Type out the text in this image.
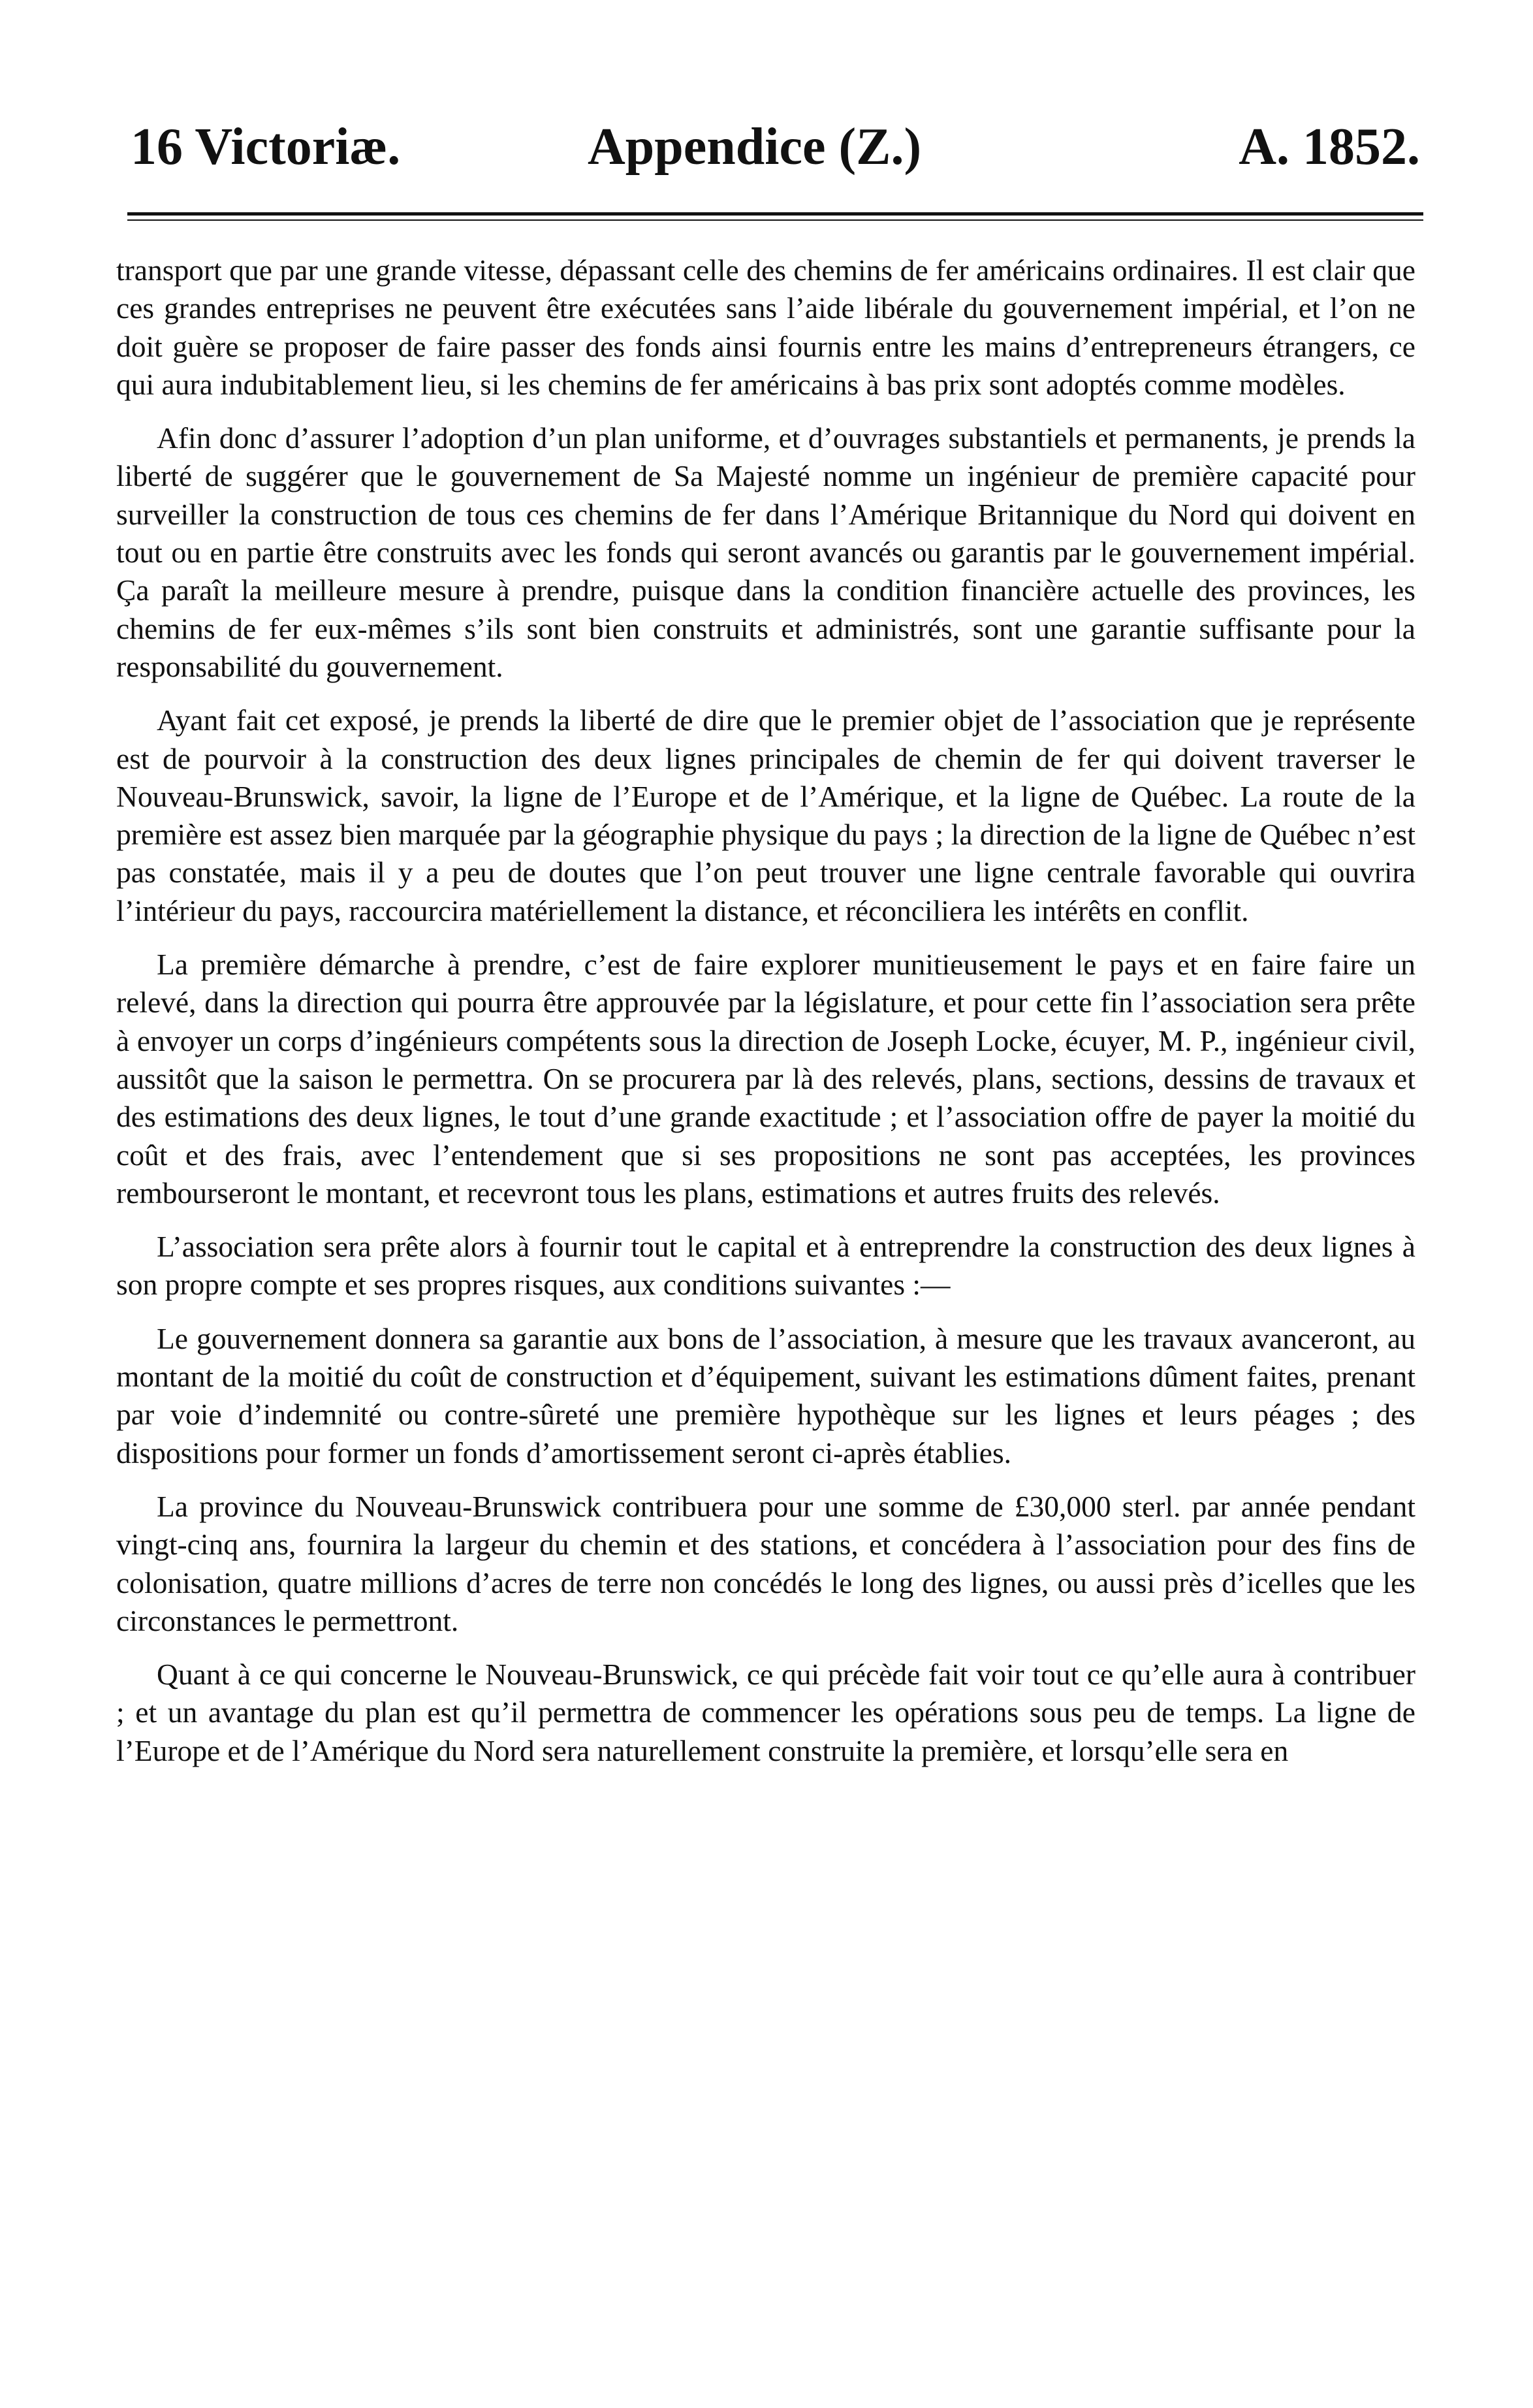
16 Victoriæ.	Appendice (Z.)	A. 1852.

transport que par une grande vitesse, dépassant celle des chemins de fer américains ordinaires. Il est clair que ces grandes entreprises ne peuvent être exécutées sans l’aide libérale du gouvernement impérial, et l’on ne doit guère se proposer de faire passer des fonds ainsi fournis entre les mains d’entrepreneurs étrangers, ce qui aura indubitablement lieu, si les chemins de fer américains à bas prix sont adoptés comme modèles.

Afin donc d’assurer l’adoption d’un plan uniforme, et d’ouvrages substantiels et permanents, je prends la liberté de suggérer que le gouvernement de Sa Majesté nomme un ingénieur de première capacité pour surveiller la construction de tous ces chemins de fer dans l’Amérique Britannique du Nord qui doivent en tout ou en partie être construits avec les fonds qui seront avancés ou garantis par le gouvernement impérial. Ça paraît la meilleure mesure à prendre, puisque dans la condition financière actuelle des provinces, les chemins de fer eux-mêmes s’ils sont bien construits et administrés, sont une garantie suffisante pour la responsabilité du gouvernement.

Ayant fait cet exposé, je prends la liberté de dire que le premier objet de l’association que je représente est de pourvoir à la construction des deux lignes principales de chemin de fer qui doivent traverser le Nouveau-Brunswick, savoir, la ligne de l’Europe et de l’Amérique, et la ligne de Québec. La route de la première est assez bien marquée par la géographie physique du pays ; la direction de la ligne de Québec n’est pas constatée, mais il y a peu de doutes que l’on peut trouver une ligne centrale favorable qui ouvrira l’intérieur du pays, raccourcira matériellement la distance, et réconciliera les intérêts en conflit.

La première démarche à prendre, c’est de faire explorer munitieusement le pays et en faire faire un relevé, dans la direction qui pourra être approuvée par la législature, et pour cette fin l’association sera prête à envoyer un corps d’ingénieurs compétents sous la direction de Joseph Locke, écuyer, M. P., ingénieur civil, aussitôt que la saison le permettra. On se procurera par là des relevés, plans, sections, dessins de travaux et des estimations des deux lignes, le tout d’une grande exactitude ; et l’association offre de payer la moitié du coût et des frais, avec l’entendement que si ses propositions ne sont pas acceptées, les provinces rembourseront le montant, et recevront tous les plans, estimations et autres fruits des relevés.

L’association sera prête alors à fournir tout le capital et à entreprendre la construction des deux lignes à son propre compte et ses propres risques, aux conditions suivantes :—

Le gouvernement donnera sa garantie aux bons de l’association, à mesure que les travaux avanceront, au montant de la moitié du coût de construction et d’équipement, suivant les estimations dûment faites, prenant par voie d’indemnité ou contre-sûreté une première hypothèque sur les lignes et leurs péages ; des dispositions pour former un fonds d’amortissement seront ci-après établies.

La province du Nouveau-Brunswick contribuera pour une somme de £30,000 sterl. par année pendant vingt-cinq ans, fournira la largeur du chemin et des stations, et concédera à l’association pour des fins de colonisation, quatre millions d’acres de terre non concédés le long des lignes, ou aussi près d’icelles que les circonstances le permettront.

Quant à ce qui concerne le Nouveau-Brunswick, ce qui précède fait voir tout ce qu’elle aura à contribuer ; et un avantage du plan est qu’il permettra de commencer les opérations sous peu de temps. La ligne de l’Europe et de l’Amérique du Nord sera naturellement construite la première, et lorsqu’elle sera en
